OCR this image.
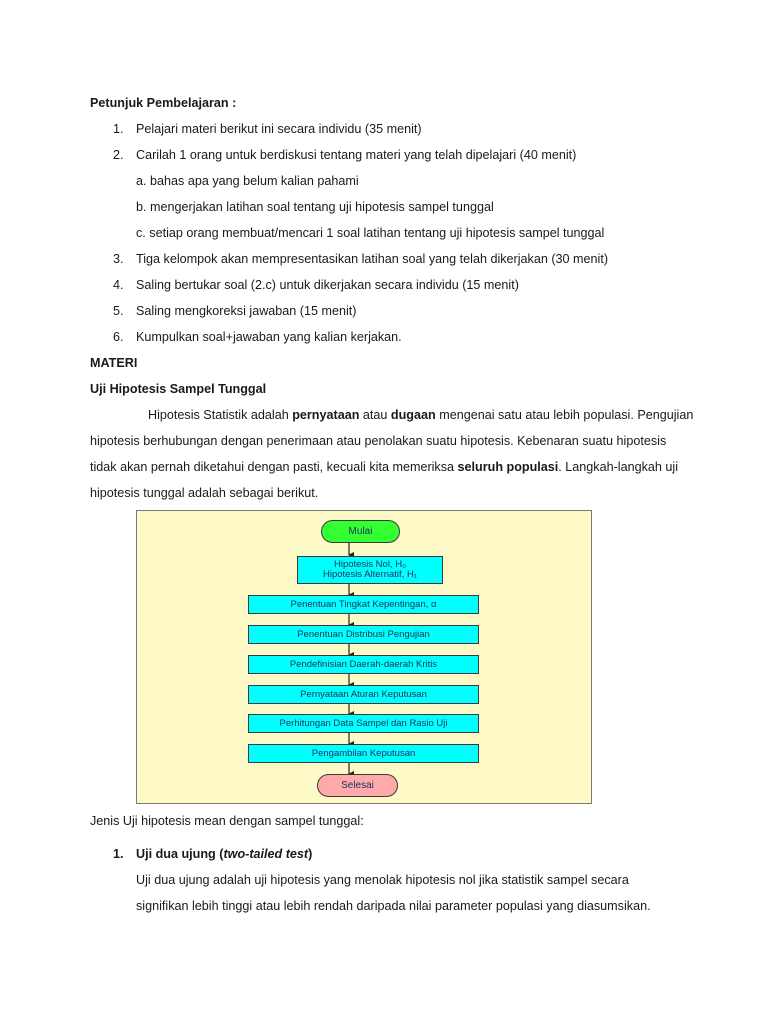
Petunjuk Pembelajaran :
1. Pelajari materi berikut ini secara individu (35 menit)
2. Carilah 1 orang untuk berdiskusi tentang materi yang telah dipelajari (40 menit)
a. bahas apa yang belum kalian pahami
b. mengerjakan latihan soal tentang uji hipotesis sampel tunggal
c. setiap orang membuat/mencari 1 soal latihan tentang uji hipotesis sampel tunggal
3. Tiga kelompok akan mempresentasikan latihan soal yang telah dikerjakan (30 menit)
4. Saling bertukar soal (2.c) untuk dikerjakan secara individu (15 menit)
5. Saling mengkoreksi jawaban (15 menit)
6. Kumpulkan soal+jawaban yang kalian kerjakan.
MATERI
Uji Hipotesis Sampel Tunggal
Hipotesis Statistik adalah pernyataan atau dugaan mengenai satu atau lebih populasi. Pengujian
hipotesis berhubungan dengan penerimaan atau penolakan suatu hipotesis. Kebenaran suatu hipotesis
tidak akan pernah diketahui dengan pasti, kecuali kita memeriksa seluruh populasi. Langkah-langkah uji
hipotesis tunggal adalah sebagai berikut.
Mulai
Hipotesis Nol, H₀
Hipotesis Alternatif, H₁
Penentuan Tingkat Kepentingan, α
Penentuan Distribusi Pengujian
Pendefinisian Daerah-daerah Kritis
Pernyataan Aturan Keputusan
Perhitungan Data Sampel dan Rasio Uji
Pengambilan Keputusan
Selesai
Jenis Uji hipotesis mean dengan sampel tunggal:
1. Uji dua ujung (two-tailed test)
Uji dua ujung adalah uji hipotesis yang menolak hipotesis nol jika statistik sampel secara
signifikan lebih tinggi atau lebih rendah daripada nilai parameter populasi yang diasumsikan.
